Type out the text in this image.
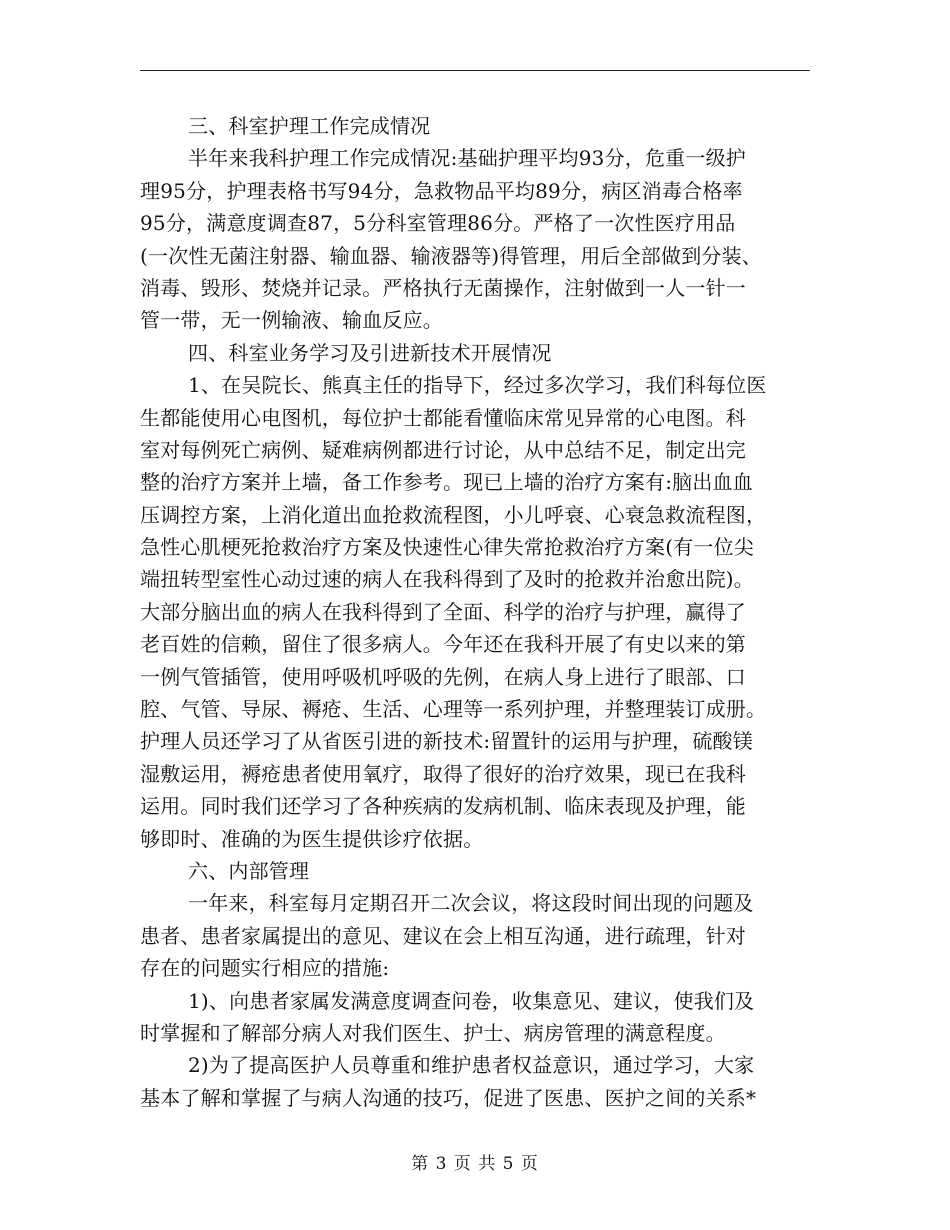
三、科室护理工作完成情况
半年来我科护理工作完成情况:基础护理平均93分，危重一级护
理95分，护理表格书写94分，急救物品平均89分，病区消毒合格率
95分，满意度调查87，5分科室管理86分。严格了一次性医疗用品
(一次性无菌注射器、输血器、输液器等)得管理，用后全部做到分装、
消毒、毁形、焚烧并记录。严格执行无菌操作，注射做到一人一针一
管一带，无一例输液、输血反应。
四、科室业务学习及引进新技术开展情况
1、在吴院长、熊真主任的指导下，经过多次学习，我们科每位医
生都能使用心电图机，每位护士都能看懂临床常见异常的心电图。科
室对每例死亡病例、疑难病例都进行讨论，从中总结不足，制定出完
整的治疗方案并上墙，备工作参考。现已上墙的治疗方案有:脑出血血
压调控方案，上消化道出血抢救流程图，小儿呼衰、心衰急救流程图，
急性心肌梗死抢救治疗方案及快速性心律失常抢救治疗方案(有一位尖
端扭转型室性心动过速的病人在我科得到了及时的抢救并治愈出院)。
大部分脑出血的病人在我科得到了全面、科学的治疗与护理，赢得了
老百姓的信赖，留住了很多病人。今年还在我科开展了有史以来的第
一例气管插管，使用呼吸机呼吸的先例，在病人身上进行了眼部、口
腔、气管、导尿、褥疮、生活、心理等一系列护理，并整理装订成册。
护理人员还学习了从省医引进的新技术:留置针的运用与护理，硫酸镁
湿敷运用，褥疮患者使用氧疗，取得了很好的治疗效果，现已在我科
运用。同时我们还学习了各种疾病的发病机制、临床表现及护理，能
够即时、准确的为医生提供诊疗依据。
六、内部管理
一年来，科室每月定期召开二次会议，将这段时间出现的问题及
患者、患者家属提出的意见、建议在会上相互沟通，进行疏理，针对
存在的问题实行相应的措施:
1)、向患者家属发满意度调查问卷，收集意见、建议，使我们及
时掌握和了解部分病人对我们医生、护士、病房管理的满意程度。
2)为了提高医护人员尊重和维护患者权益意识，通过学习，大家
基本了解和掌握了与病人沟通的技巧，促进了医患、医护之间的关系*
第 3 页 共 5 页
